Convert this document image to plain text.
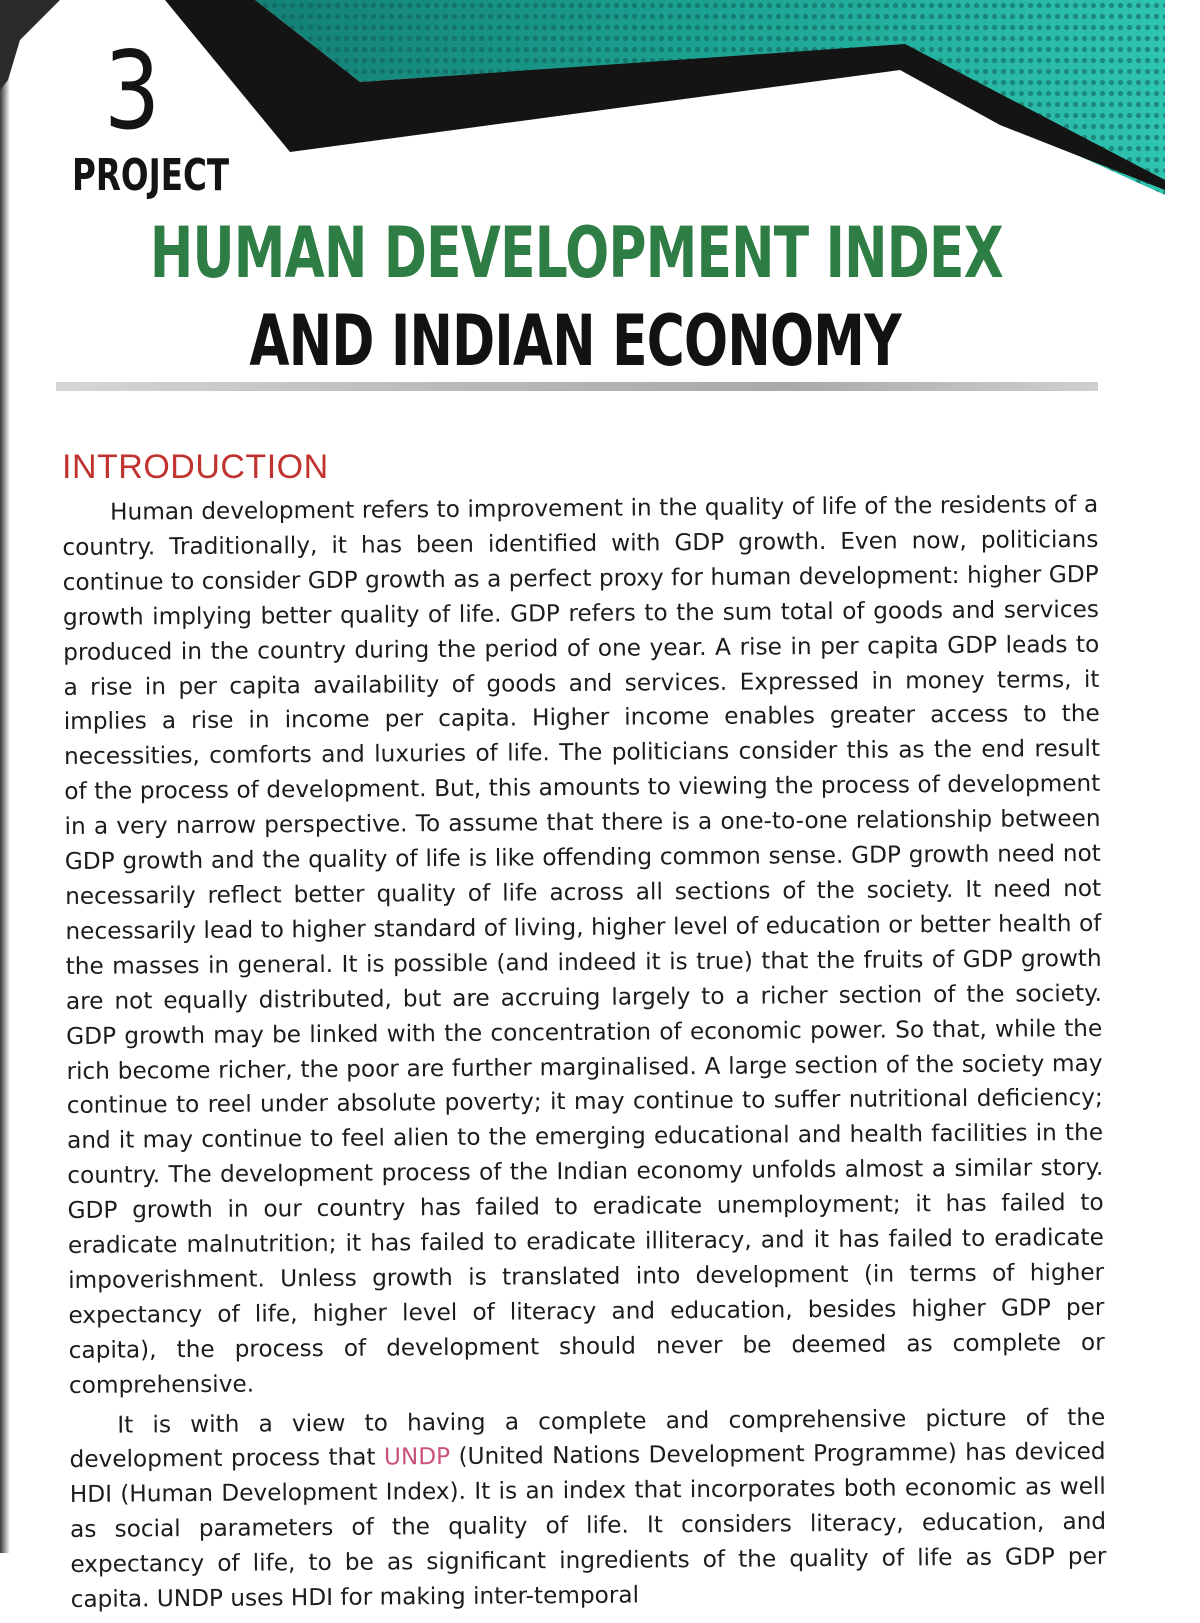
3
PROJECT
HUMAN DEVELOPMENT INDEX
AND INDIAN ECONOMY
INTRODUCTION

Human development refers to improvement in the quality of life of the residents of a country. Traditionally, it has been identified with GDP growth. Even now, politicians continue to consider GDP growth as a perfect proxy for human development: higher GDP growth implying better quality of life. GDP refers to the sum total of goods and services produced in the country during the period of one year. A rise in per capita GDP leads to a rise in per capita availability of goods and services. Expressed in money terms, it implies a rise in income per capita. Higher income enables greater access to the necessities, comforts and luxuries of life. The politicians consider this as the end result of the process of development. But, this amounts to viewing the process of development in a very narrow perspective. To assume that there is a one-to-one relationship between GDP growth and the quality of life is like offending common sense. GDP growth need not necessarily reflect better quality of life across all sections of the society. It need not necessarily lead to higher standard of living, higher level of education or better health of the masses in general. It is possible (and indeed it is true) that the fruits of GDP growth are not equally distributed, but are accruing largely to a richer section of the society. GDP growth may be linked with the concentration of economic power. So that, while the rich become richer, the poor are further marginalised. A large section of the society may continue to reel under absolute poverty; it may continue to suffer nutritional deficiency; and it may continue to feel alien to the emerging educational and health facilities in the country. The development process of the Indian economy unfolds almost a similar story. GDP growth in our country has failed to eradicate unemployment; it has failed to eradicate malnutrition; it has failed to eradicate illiteracy, and it has failed to eradicate impoverishment. Unless growth is translated into development (in terms of higher expectancy of life, higher level of literacy and education, besides higher GDP per capita), the process of development should never be deemed as complete or comprehensive.

It is with a view to having a complete and comprehensive picture of the development process that UNDP (United Nations Development Programme) has deviced HDI (Human Development Index). It is an index that incorporates both economic as well as social parameters of the quality of life. It considers literacy, education, and expectancy of life, to be as significant ingredients of the quality of life as GDP per capita. UNDP uses HDI for making inter-temporal
